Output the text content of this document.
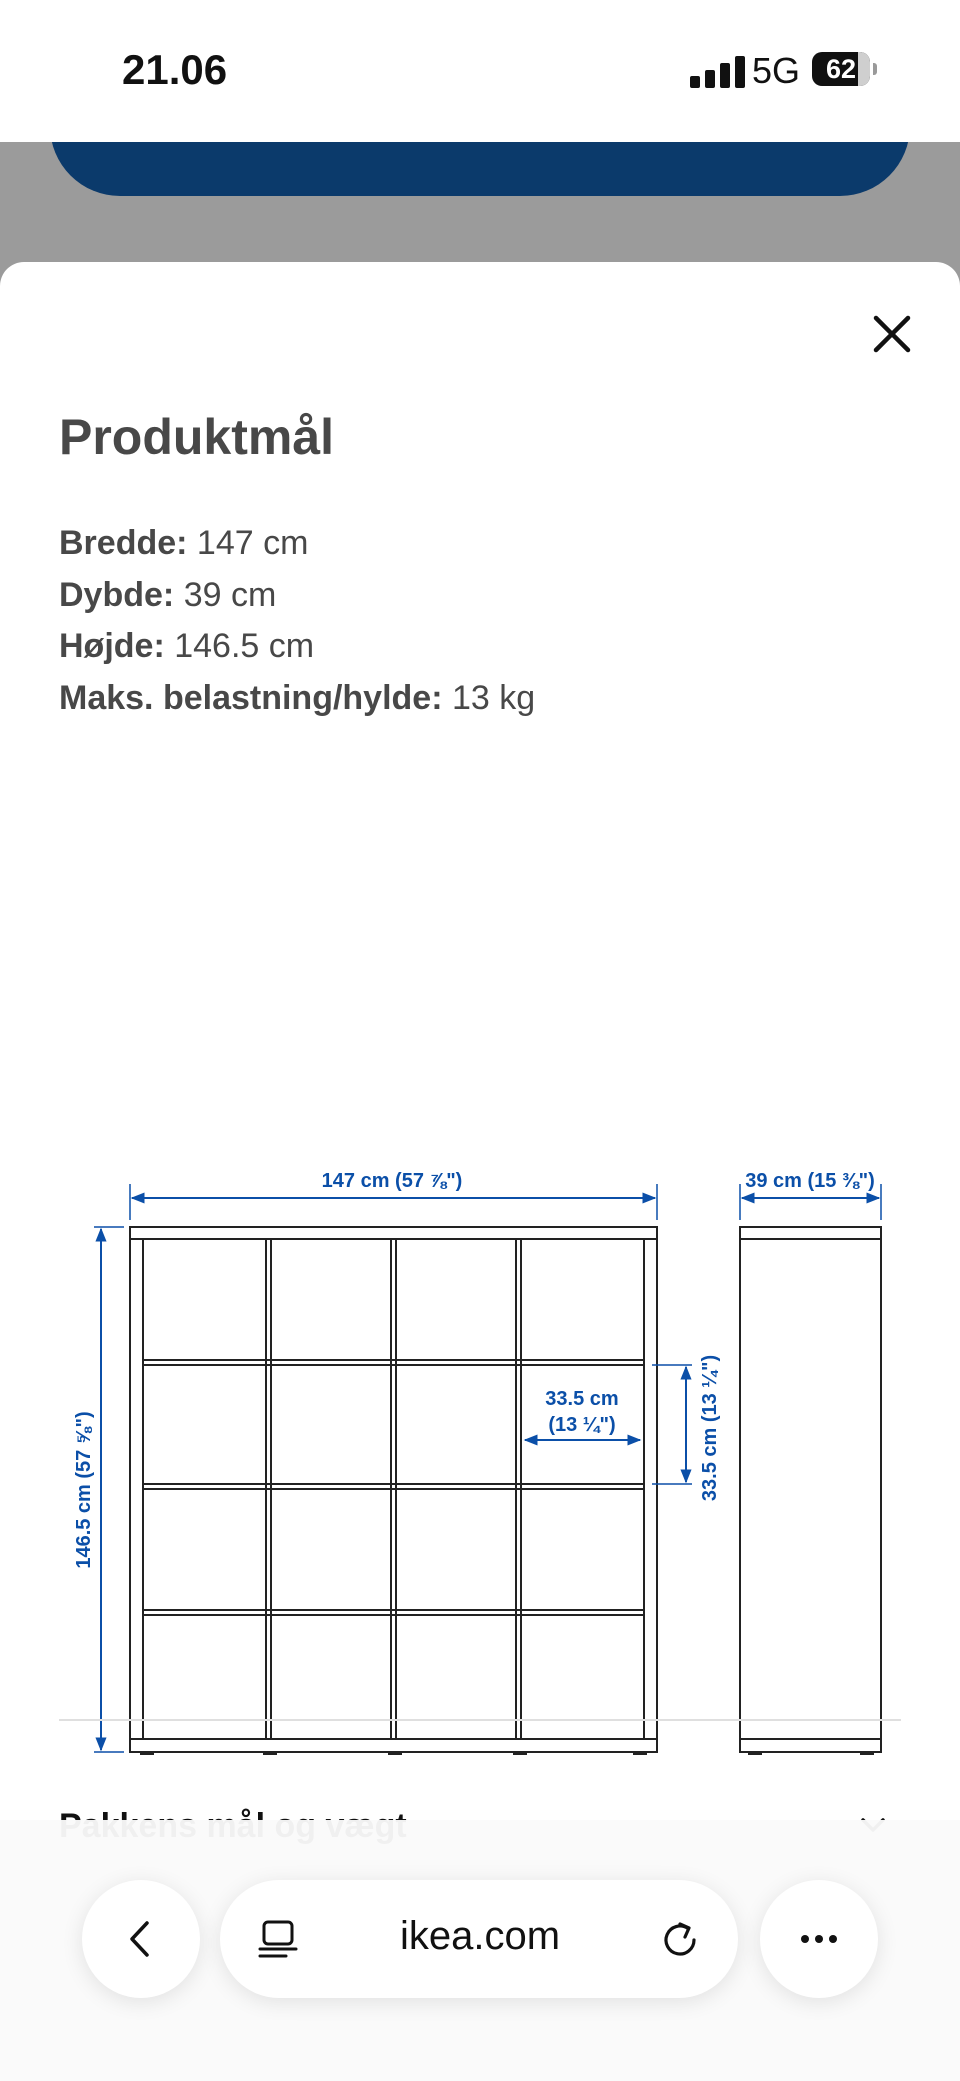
21.06	5G 62
Produktmål
Bredde: 147 cm
Dybde: 39 cm
Højde: 146.5 cm
Maks. belastning/hylde: 13 kg
147 cm (57 ⅞")	39 cm (15 ⅜")
146.5 cm (57 ⅝")
33.5 cm
(13 ¼")	33.5 cm (13 ¼")
ikea.com
